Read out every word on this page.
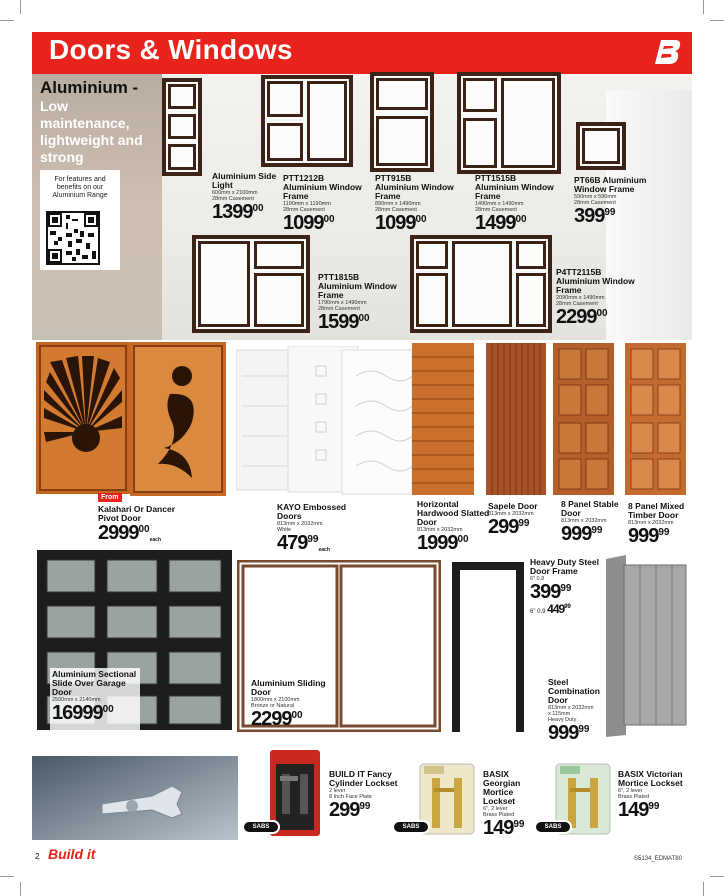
Doors & Windows
Aluminium -
Low maintenance, lightweight and strong
For features and benefits on our Aluminium Range
Aluminium Side Light
600mm x 2100mm
28mm Casement
1399$^{00}$
PTT1212B Aluminium Window Frame
1190mm x 1190mm
28mm Casement
1099$^{00}$
PTT915B Aluminium Window Frame
890mm x 1490mm
28mm Casement
1099$^{00}$
PTT1515B Aluminium Window Frame
1490mm x 1490mm
28mm Casement
1499$^{00}$
PT66B Aluminium Window Frame
590mm x 590mm
28mm Casement
$399^{99}$
PTT1815B Aluminium Window Frame
1790mm x 1490mm
28mm Casement
1599$^{00}$
P4TT2115B Aluminium Window Frame
2090mm x 1490mm
28mm Casement
2299$^{00}$
From
Kalahari Or Dancer Pivot Door
2999$^{00}$each
KAYO Embossed Doors
813mm x 2032mm
White
$479^{99}each$
Horizontal Hardwood Slatted Door
813mm x 2032mm
1999$^{00}$
Sapele Door
813mm x 2032mm
$299^{99}$
8 Panel Stable Door
813mm x 2032mm
$999^{99}$
8 Panel Mixed Timber Door
813mm x 2032mm
$999^{99}$
Aluminium Sectional Slide Over Garage Door
2500mm x 2140mm
16999$^{00}$
Aluminium Sliding Door
1800mm x 2100mm
Bronze or Natural
2299$^{00}$
Heavy Duty Steel Door Frame
6" 0.8
$399^{99}$
6" 0.9 $449^{99}$
Steel Combination Door
813mm x 2032mm
x 115mm
Heavy Duty
$999^{99}$
SABS
BUILD IT Fancy Cylinder Lockset
2 lever
8 Inch Face Plate
$299^{99}$
SABS
BASIX Georgian Mortice Lockset
6", 2 lever
Brass Plated
$149^{99}$	SABS
BASIX Victorian Mortice Lockset
6", 2 lever
Brass Plated
$149^{99}$
2 Build it	S5134_EDMAT80
